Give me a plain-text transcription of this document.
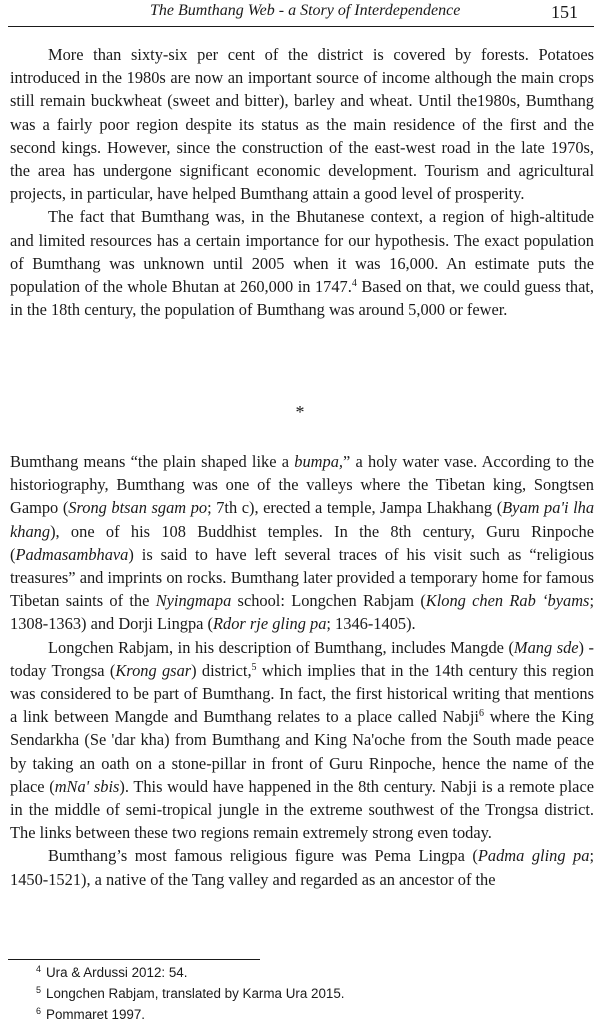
The Bumthang Web - a Story of Interdependence	151

More than sixty-six per cent of the district is covered by forests. Potatoes introduced in the 1980s are now an important source of income although the main crops still remain buckwheat (sweet and bitter), barley and wheat. Until the1980s, Bumthang was a fairly poor region despite its status as the main residence of the first and the second kings. However, since the construction of the east-west road in the late 1970s, the area has undergone significant economic development. Tourism and agricultural projects, in particular, have helped Bumthang attain a good level of prosperity.

The fact that Bumthang was, in the Bhutanese context, a region of high-altitude and limited resources has a certain importance for our hypothesis. The exact population of Bumthang was unknown until 2005 when it was 16,000. An estimate puts the population of the whole Bhutan at 260,000 in 1747.$^4$ Based on that, we could guess that, in the 18th century, the population of Bumthang was around 5,000 or fewer.

*

Bumthang means “the plain shaped like a bumpa,” a holy water vase. According to the historiography, Bumthang was one of the valleys where the Tibetan king, Songtsen Gampo (Srong btsan sgam po; 7th c), erected a temple, Jampa Lhakhang (Byam pa'i lha khang), one of his 108 Buddhist temples. In the 8th century, Guru Rinpoche (Padmasambhava) is said to have left several traces of his visit such as “religious treasures” and imprints on rocks. Bumthang later provided a temporary home for famous Tibetan saints of the Nyingmapa school: Longchen Rabjam (Klong chen Rab ‘byams; 1308-1363) and Dorji Lingpa (Rdor rje gling pa; 1346-1405).

Longchen Rabjam, in his description of Bumthang, includes Mangde (Mang sde) - today Trongsa (Krong gsar) district,$^5$ which implies that in the 14th century this region was considered to be part of Bumthang. In fact, the first historical writing that mentions a link between Mangde and Bumthang relates to a place called Nabji$^6$ where the King Sendarkha (Se 'dar kha) from Bumthang and King Na'oche from the South made peace by taking an oath on a stone-pillar in front of Guru Rinpoche, hence the name of the place (mNa' sbis). This would have happened in the 8th century. Nabji is a remote place in the middle of semi-tropical jungle in the extreme southwest of the Trongsa district. The links between these two regions remain extremely strong even today.

Bumthang’s most famous religious figure was Pema Lingpa (Padma gling pa; 1450-1521), a native of the Tang valley and regarded as an ancestor of the

$^4$ Ura & Ardussi 2012: 54.
$^5$ Longchen Rabjam, translated by Karma Ura 2015.
$^6$ Pommaret 1997.
